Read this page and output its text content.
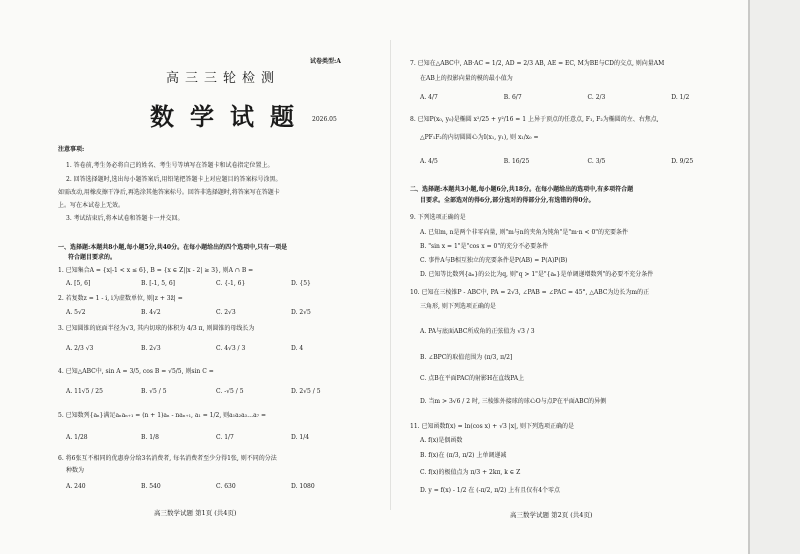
试卷类型:A
高三三轮检测
数学试题 2026.05
注意事项:
1. 答卷前,考生务必将自己的姓名、考生号等填写在答题卡和试卷指定位置上。
2. 回答选择题时,选出每小题答案后,用铅笔把答题卡上对应题目的答案标号涂黑。
如需改动,用橡皮擦干净后,再选涂其他答案标号。回答非选择题时,将答案写在答题卡
上。写在本试卷上无效。
3. 考试结束后,将本试卷和答题卡一并交回。
一、选择题:本题共8小题,每小题5分,共40分。在每小题给出的四个选项中,只有一项是
符合题目要求的。
1. 已知集合A = {x|-1 < x ≤ 6}, B = {x ∈ Z||x - 2| ≥ 3}, 则A ∩ B =
A. [5, 6]	B. [-1, 5, 6]	C. {-1, 6}	D. {5}
2. 若复数z = 1 - i, i为虚数单位, 则|z + 3z̄| =
A. 5√2	B. 4√2	C. 2√3	D. 2√5
3. 已知圆锥的底面半径为√3, 其内切球的体积为 4/3 π, 则圆锥的母线长为
A. 2/3 √3	B. 2√3	C. 4√3 / 3	D. 4
4. 已知△ABC中, sin A = 3/5, cos B = √5/5, 则sin C =
A. 11√5 / 25	B. √5 / 5	C. -√5 / 5	D. 2√5 / 5
5. 已知数列{aₙ}满足aₙaₙ₊₁ = (n + 1)aₙ - naₙ₊₁, a₁ = 1/2, 则a₁a₂a₃…a₇ =
A. 1/28	B. 1/8	C. 1/7	D. 1/4
6. 将6张互不相同的优惠券分给3名消费者, 每名消费者至少分得1张, 则不同的分法
种数为
A. 240	B. 540	C. 630	D. 1080
高三数学试题 第1页 (共4页)
7. 已知在△ABC中, AB·AC = 1/2, AD = 2/3 AB, AE = EC, M为BE与CD的交点, 则向量AM
在AB上的投影向量的模的最小值为
A. 4/7	B. 6/7	C. 2/3	D. 1/2
8. 已知P(x₀, y₀)是椭圆 x²/25 + y²/16 = 1 上异于顶点的任意点, F₁, F₂为椭圆的左、右焦点,
△PF₁F₂的内切圆圆心为I(x₁, y₁), 则 x₁/x₀ =
A. 4/5	B. 16/25	C. 3/5	D. 9/25
二、选择题:本题共3小题,每小题6分,共18分。在每小题给出的选项中,有多项符合题
目要求。全部选对的得6分,部分选对的得部分分,有选错的得0分。
9. 下列选项正确的是
A. 已知m, n是两个非零向量, 则"m与n的夹角为钝角"是"m·n < 0"的充要条件
B. "sin x = 1"是"cos x = 0"的充分不必要条件
C. 事件A与B相互独立的充要条件是P(AB) = P(A)P(B)
D. 已知等比数列{aₙ}的公比为q, 则"q > 1"是"{aₙ}是单调递增数列"的必要不充分条件
10. 已知在三棱锥P - ABC中, PA = 2√3, ∠PAB = ∠PAC = 45°, △ABC为边长为m的正
三角形, 则下列选项正确的是
A. PA与底面ABC所成角的正弦值为 √3 / 3
B. ∠BPC的取值范围为 (π/3, π/2]
C. 点B在平面PAC的射影H在直线PA上
D. 当m > 3√6 / 2 时, 三棱锥外接球的球心O与点P在平面ABC的异侧
11. 已知函数f(x) = ln(cos x) + √3 |x|, 则下列选项正确的是
A. f(x)是偶函数
B. f(x)在 (π/3, π/2) 上单调递减
C. f(x)的极值点为 π/3 + 2kπ, k ∈ Z
D. y = f(x) - 1/2 在 (-π/2, π/2) 上有且仅有4个零点
高三数学试题 第2页 (共4页)
